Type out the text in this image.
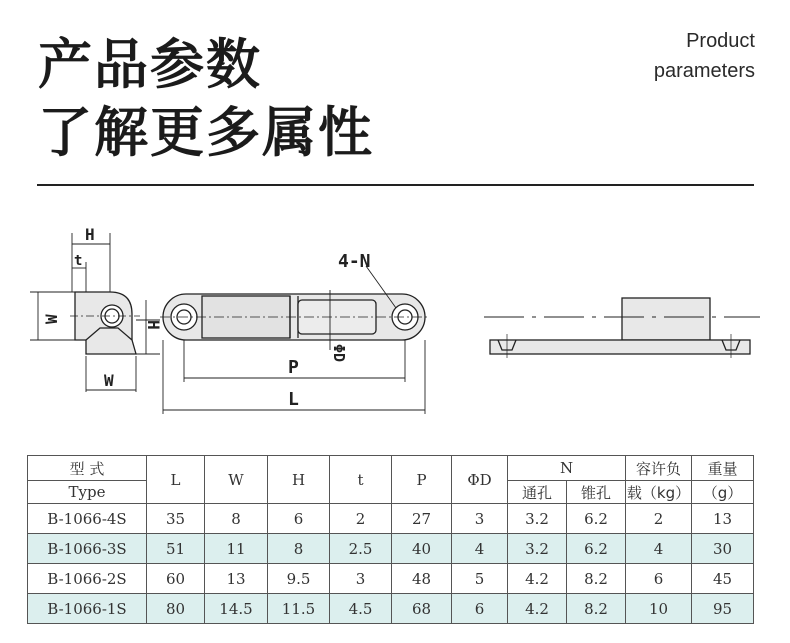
产品参数
了解更多属性
Product
parameters
H
t
W
H
W
4-N
ΦD
P
L
型 式	L	W	H	t	P	ΦD	N		容许负	重量
Type							通孔	锥孔	载（kg）	（g）
B-1066-4S	35	8	6	2	27	3	3.2	6.2	2	13
B-1066-3S	51	11	8	2.5	40	4	3.2	6.2	4	30
B-1066-2S	60	13	9.5	3	48	5	4.2	8.2	6	45
B-1066-1S	80	14.5	11.5	4.5	68	6	4.2	8.2	10	95
